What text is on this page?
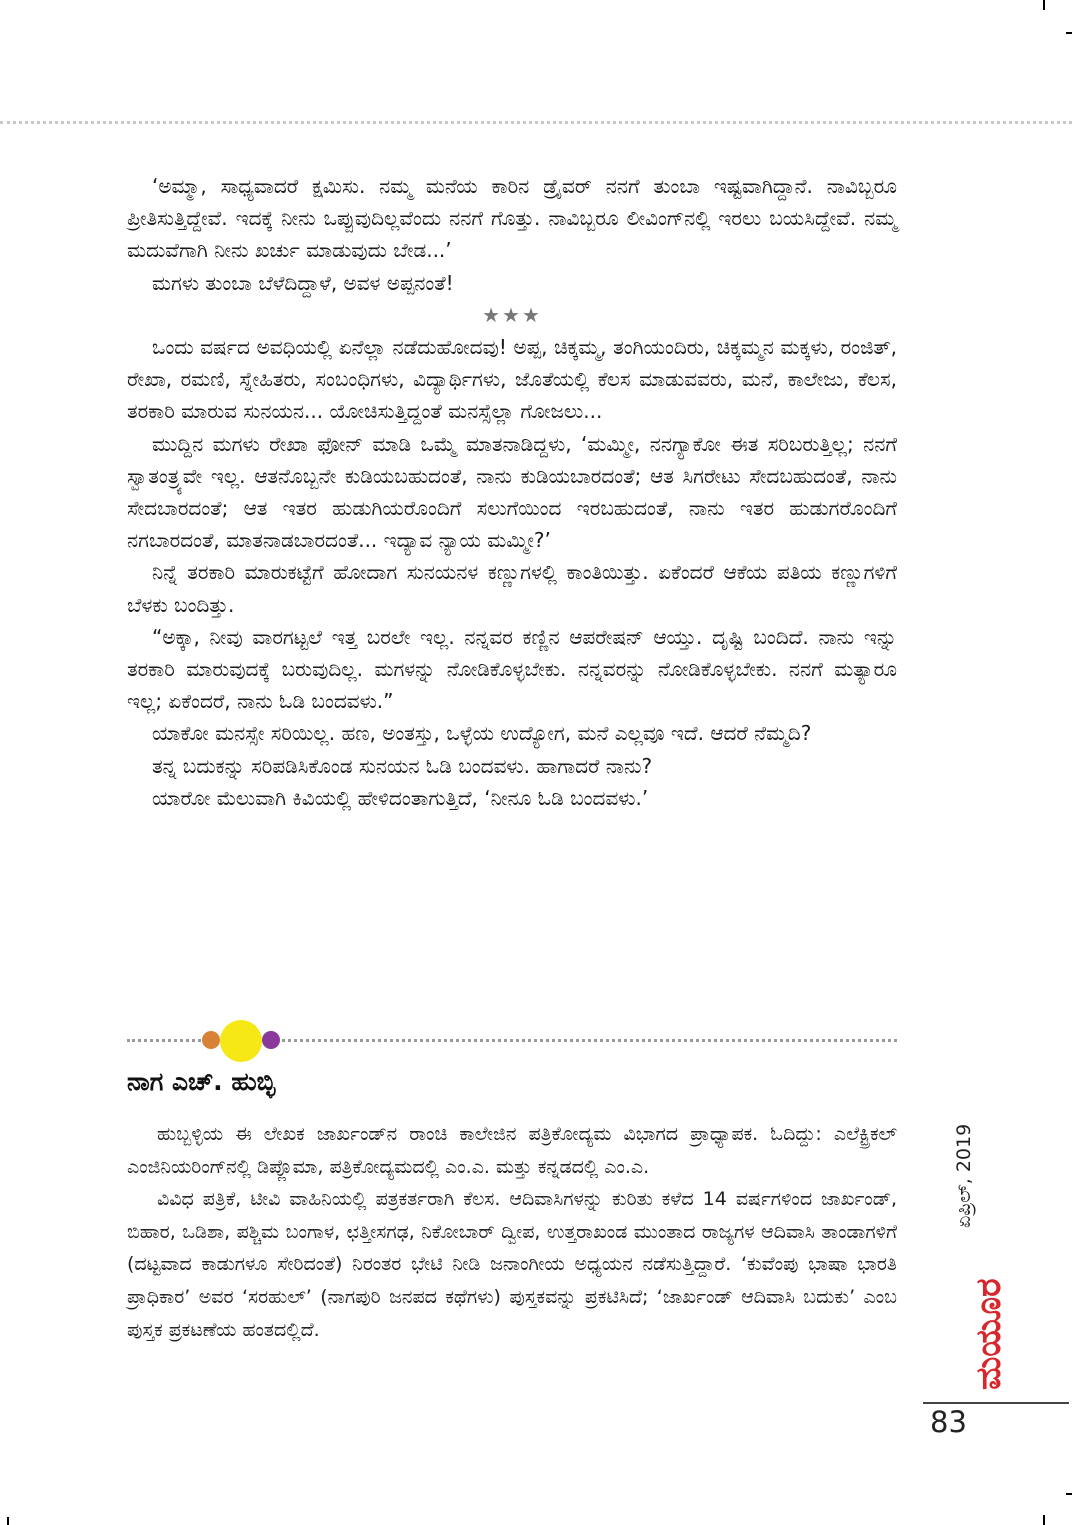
‘ಅಮ್ಮಾ, ಸಾಧ್ಯವಾದರೆ ಕ್ಷಮಿಸು. ನಮ್ಮ ಮನೆಯ ಕಾರಿನ ಡ್ರೈವರ್ ನನಗೆ ತುಂಬಾ ಇಷ್ಟವಾಗಿದ್ದಾನೆ. ನಾವಿಬ್ಬರೂ ಪ್ರೀತಿಸುತ್ತಿದ್ದೇವೆ. ಇದಕ್ಕೆ ನೀನು ಒಪ್ಪುವುದಿಲ್ಲವೆಂದು ನನಗೆ ಗೊತ್ತು. ನಾವಿಬ್ಬರೂ ಲೀವಿಂಗ್‌ನಲ್ಲಿ ಇರಲು ಬಯಸಿದ್ದೇವೆ. ನಮ್ಮ ಮದುವೆಗಾಗಿ ನೀನು ಖರ್ಚು ಮಾಡುವುದು ಬೇಡ...’

ಮಗಳು ತುಂಬಾ ಬೆಳೆದಿದ್ದಾಳೆ, ಅವಳ ಅಪ್ಪನಂತೆ!

★★★

ಒಂದು ವರ್ಷದ ಅವಧಿಯಲ್ಲಿ ಏನೆಲ್ಲಾ ನಡೆದುಹೋದವು! ಅಪ್ಪ, ಚಿಕ್ಕಮ್ಮ, ತಂಗಿಯಂದಿರು, ಚಿಕ್ಕಮ್ಮನ ಮಕ್ಕಳು, ರಂಜಿತ್, ರೇಖಾ, ರಮಣಿ, ಸ್ನೇಹಿತರು, ಸಂಬಂಧಿಗಳು, ವಿದ್ಯಾರ್ಥಿಗಳು, ಜೊತೆಯಲ್ಲಿ ಕೆಲಸ ಮಾಡುವವರು, ಮನೆ, ಕಾಲೇಜು, ಕೆಲಸ, ತರಕಾರಿ ಮಾರುವ ಸುನಯನ... ಯೋಚಿಸುತ್ತಿದ್ದಂತೆ ಮನಸ್ಸೆಲ್ಲಾ ಗೋಜಲು...

ಮುದ್ದಿನ ಮಗಳು ರೇಖಾ ಫೋನ್ ಮಾಡಿ ಒಮ್ಮೆ ಮಾತನಾಡಿದ್ದಳು, ‘ಮಮ್ಮೀ, ನನಗ್ಯಾಕೋ ಈತ ಸರಿಬರುತ್ತಿಲ್ಲ; ನನಗೆ ಸ್ವಾತಂತ್ರ್ಯವೇ ಇಲ್ಲ. ಆತನೊಬ್ಬನೇ ಕುಡಿಯಬಹುದಂತೆ, ನಾನು ಕುಡಿಯಬಾರದಂತೆ; ಆತ ಸಿಗರೇಟು ಸೇದಬಹುದಂತೆ, ನಾನು ಸೇದಬಾರದಂತೆ; ಆತ ಇತರ ಹುಡುಗಿಯರೊಂದಿಗೆ ಸಲುಗೆಯಿಂದ ಇರಬಹುದಂತೆ, ನಾನು ಇತರ ಹುಡುಗರೊಂದಿಗೆ ನಗಬಾರದಂತೆ, ಮಾತನಾಡಬಾರದಂತೆ... ಇದ್ಯಾವ ನ್ಯಾಯ ಮಮ್ಮೀ?’

ನಿನ್ನೆ ತರಕಾರಿ ಮಾರುಕಟ್ಟೆಗೆ ಹೋದಾಗ ಸುನಯನಳ ಕಣ್ಣುಗಳಲ್ಲಿ ಕಾಂತಿಯಿತ್ತು. ಏಕೆಂದರೆ ಆಕೆಯ ಪತಿಯ ಕಣ್ಣುಗಳಿಗೆ ಬೆಳಕು ಬಂದಿತ್ತು.

“ಅಕ್ಕಾ, ನೀವು ವಾರಗಟ್ಟಲೆ ಇತ್ತ ಬರಲೇ ಇಲ್ಲ. ನನ್ನವರ ಕಣ್ಣಿನ ಆಪರೇಷನ್ ಆಯ್ತು. ದೃಷ್ಟಿ ಬಂದಿದೆ. ನಾನು ಇನ್ನು ತರಕಾರಿ ಮಾರುವುದಕ್ಕೆ ಬರುವುದಿಲ್ಲ. ಮಗಳನ್ನು ನೋಡಿಕೊಳ್ಳಬೇಕು. ನನ್ನವರನ್ನು ನೋಡಿಕೊಳ್ಳಬೇಕು. ನನಗೆ ಮತ್ಯಾರೂ ಇಲ್ಲ; ಏಕೆಂದರೆ, ನಾನು ಓಡಿ ಬಂದವಳು.”

ಯಾಕೋ ಮನಸ್ಸೇ ಸರಿಯಿಲ್ಲ. ಹಣ, ಅಂತಸ್ತು, ಒಳ್ಳೆಯ ಉದ್ಯೋಗ, ಮನೆ ಎಲ್ಲವೂ ಇದೆ. ಆದರೆ ನೆಮ್ಮದಿ?

ತನ್ನ ಬದುಕನ್ನು ಸರಿಪಡಿಸಿಕೊಂಡ ಸುನಯನ ಓಡಿ ಬಂದವಳು. ಹಾಗಾದರೆ ನಾನು?

ಯಾರೋ ಮೆಲುವಾಗಿ ಕಿವಿಯಲ್ಲಿ ಹೇಳಿದಂತಾಗುತ್ತಿದೆ, ‘ನೀನೂ ಓಡಿ ಬಂದವಳು.’

ನಾಗ ಎಚ್. ಹುಬ್ಳಿ

ಹುಬ್ಬಳ್ಳಿಯ ಈ ಲೇಖಕ ಜಾರ್ಖಂಡ್‌ನ ರಾಂಚಿ ಕಾಲೇಜಿನ ಪತ್ರಿಕೋದ್ಯಮ ವಿಭಾಗದ ಪ್ರಾಧ್ಯಾಪಕ. ಓದಿದ್ದು: ಎಲೆಕ್ಟ್ರಿಕಲ್ ಎಂಜಿನಿಯರಿಂಗ್‌ನಲ್ಲಿ ಡಿಪ್ಲೊಮಾ, ಪತ್ರಿಕೋದ್ಯಮದಲ್ಲಿ ಎಂ.ಎ. ಮತ್ತು ಕನ್ನಡದಲ್ಲಿ ಎಂ.ಎ.

ವಿವಿಧ ಪತ್ರಿಕೆ, ಟೀವಿ ವಾಹಿನಿಯಲ್ಲಿ ಪತ್ರಕರ್ತರಾಗಿ ಕೆಲಸ. ಆದಿವಾಸಿಗಳನ್ನು ಕುರಿತು ಕಳೆದ 14 ವರ್ಷಗಳಿಂದ ಜಾರ್ಖಂಡ್, ಬಿಹಾರ, ಒಡಿಶಾ, ಪಶ್ಚಿಮ ಬಂಗಾಳ, ಛತ್ತೀಸಗಢ, ನಿಕೋಬಾರ್ ದ್ವೀಪ, ಉತ್ತರಾಖಂಡ ಮುಂತಾದ ರಾಜ್ಯಗಳ ಆದಿವಾಸಿ ತಾಂಡಾಗಳಿಗೆ (ದಟ್ಟವಾದ ಕಾಡುಗಳೂ ಸೇರಿದಂತೆ) ನಿರಂತರ ಭೇಟಿ ನೀಡಿ ಜನಾಂಗೀಯ ಅಧ್ಯಯನ ನಡೆಸುತ್ತಿದ್ದಾರೆ. ‘ಕುವೆಂಪು ಭಾಷಾ ಭಾರತಿ ಪ್ರಾಧಿಕಾರ’ ಅವರ ‘ಸರಹುಲ್’ (ನಾಗಪುರಿ ಜನಪದ ಕಥೆಗಳು) ಪುಸ್ತಕವನ್ನು ಪ್ರಕಟಿಸಿದೆ; ‘ಜಾರ್ಖಂಡ್ ಆದಿವಾಸಿ ಬದುಕು’ ಎಂಬ ಪುಸ್ತಕ ಪ್ರಕಟಣೆಯ ಹಂತದಲ್ಲಿದೆ.

ಏಪ್ರಿಲ್, 2019
ಮಯೂರ
83
